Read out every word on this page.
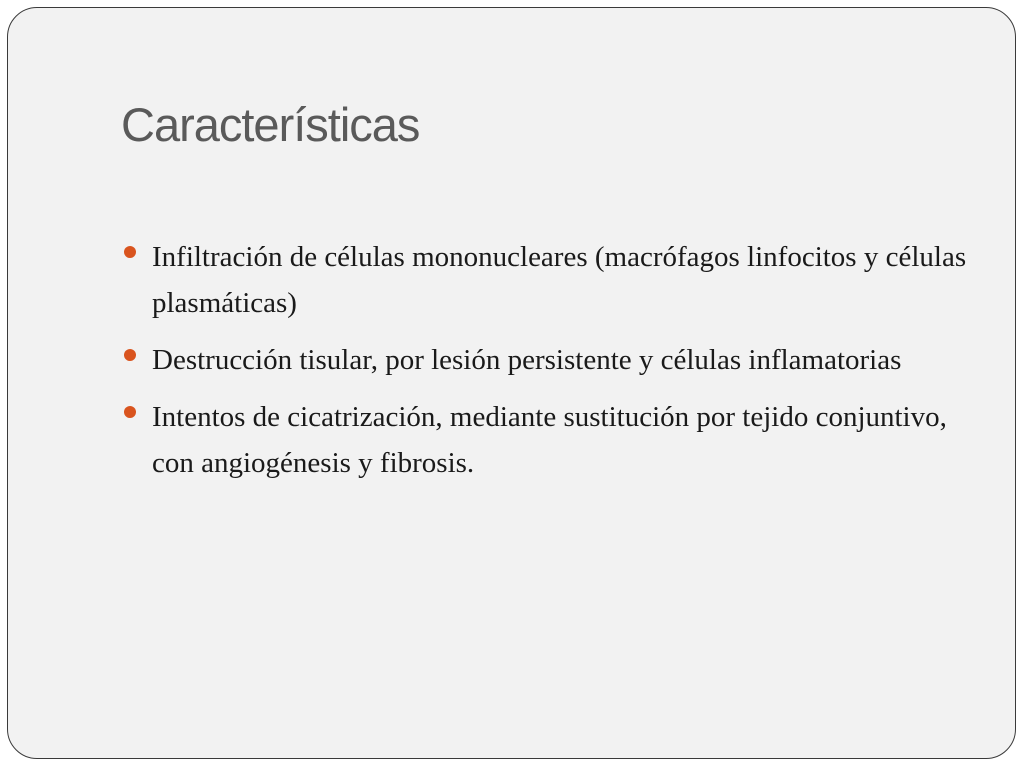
Características
Infiltración de células mononucleares (macrófagos linfocitos y células plasmáticas)
Destrucción tisular, por lesión persistente y células inflamatorias
Intentos de cicatrización, mediante sustitución por tejido conjuntivo, con angiogénesis y fibrosis.
